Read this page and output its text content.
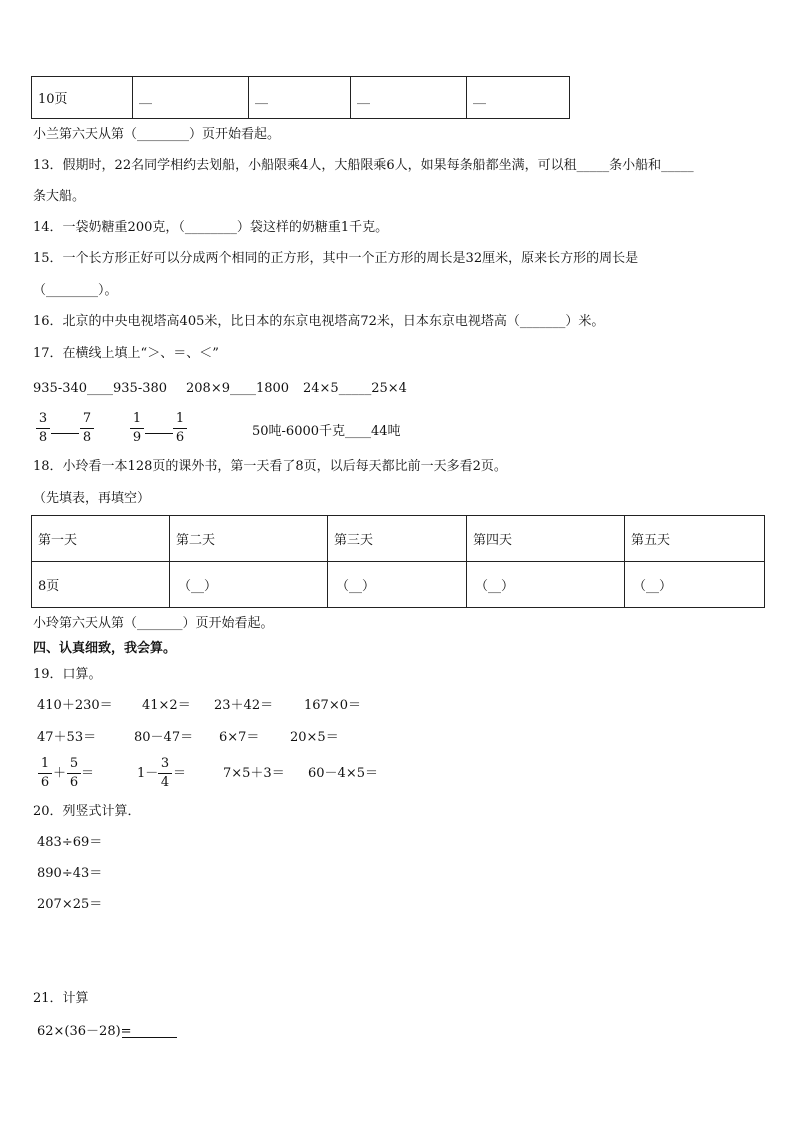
10页	__	__	__	__
小兰第六天从第（________）页开始看起。
13．假期时，22名同学相约去划船，小船限乘4人，大船限乘6人，如果每条船都坐满，可以租_____条小船和_____
条大船。
14．一袋奶糖重200克，（________）袋这样的奶糖重1千克。
15．一个长方形正好可以分成两个相同的正方形，其中一个正方形的周长是32厘米，原来长方形的周长是
（________）。
16．北京的中央电视塔高405米，比日本的东京电视塔高72米，日本东京电视塔高（_______）米。
17．在横线上填上“＞、＝、＜”
935-340____935-380 208×9____1800 24×5_____25×4
3
8
7
8
1
9
1
6	50吨-6000千克____44吨
18．小玲看一本128页的课外书，第一天看了8页，以后每天都比前一天多看2页。
（先填表，再填空）
第一天	第二天	第三天	第四天	第五天
8页	（__）	（__）	（__）	（__）
小玲第六天从第（_______）页开始看起。
四、认真细致，我会算。
19．口算。
410＋230＝ 41×2＝ 23＋42＝ 167×0＝
47＋53＝	80－47＝ 6×7＝ 20×5＝
1
6
＋
5
6
＝	1－
3
4
＝	7×5＋3＝ 60－4×5＝
20．列竖式计算．
483÷69＝
890÷43＝
207×25＝
21．计算
62×(36－28)=
